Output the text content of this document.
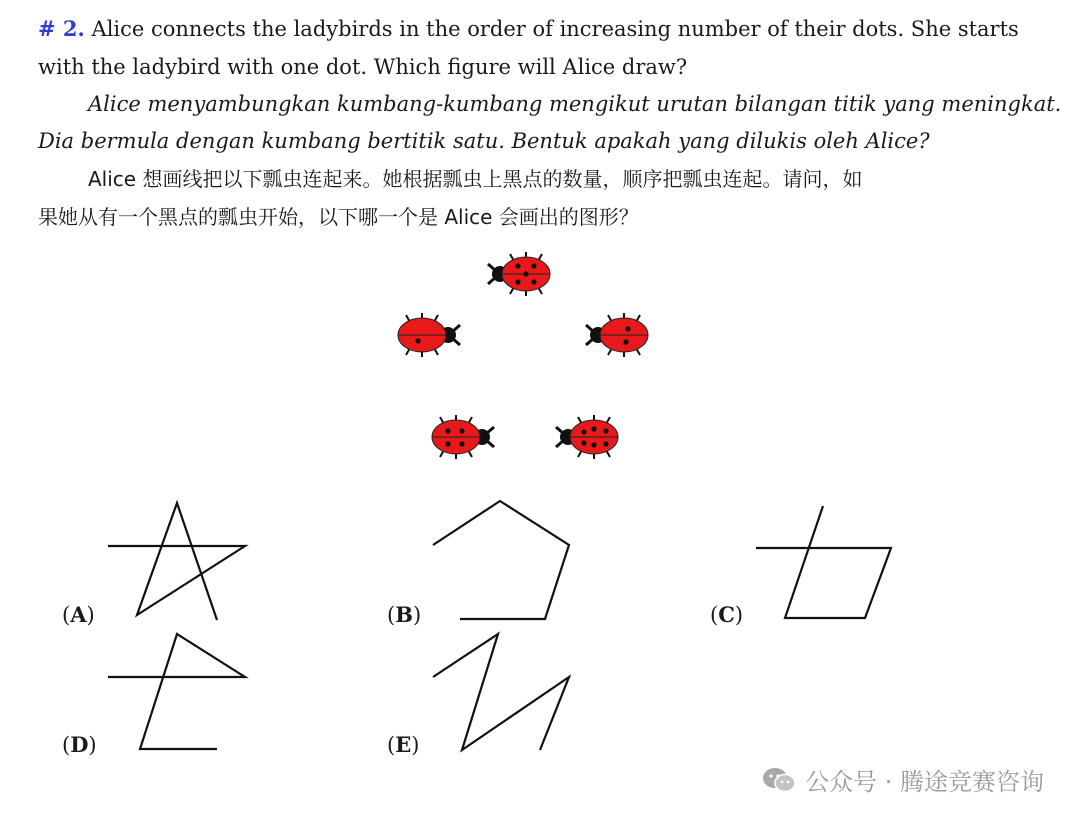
# 2. Alice connects the ladybirds in the order of increasing number of their dots. She starts
with the ladybird with one dot. Which figure will Alice draw?
Alice menyambungkan kumbang-kumbang mengikut urutan bilangan titik yang meningkat.
Dia bermula dengan kumbang bertitik satu. Bentuk apakah yang dilukis oleh Alice?
Alice 想画线把以下瓢虫连起来。她根据瓢虫上黑点的数量，顺序把瓢虫连起。请问，如
果她从有一个黑点的瓢虫开始，以下哪一个是 Alice 会画出的图形？
(A)	(B)	(C)
(D)	(E)
公众号 · 腾途竞赛咨询
